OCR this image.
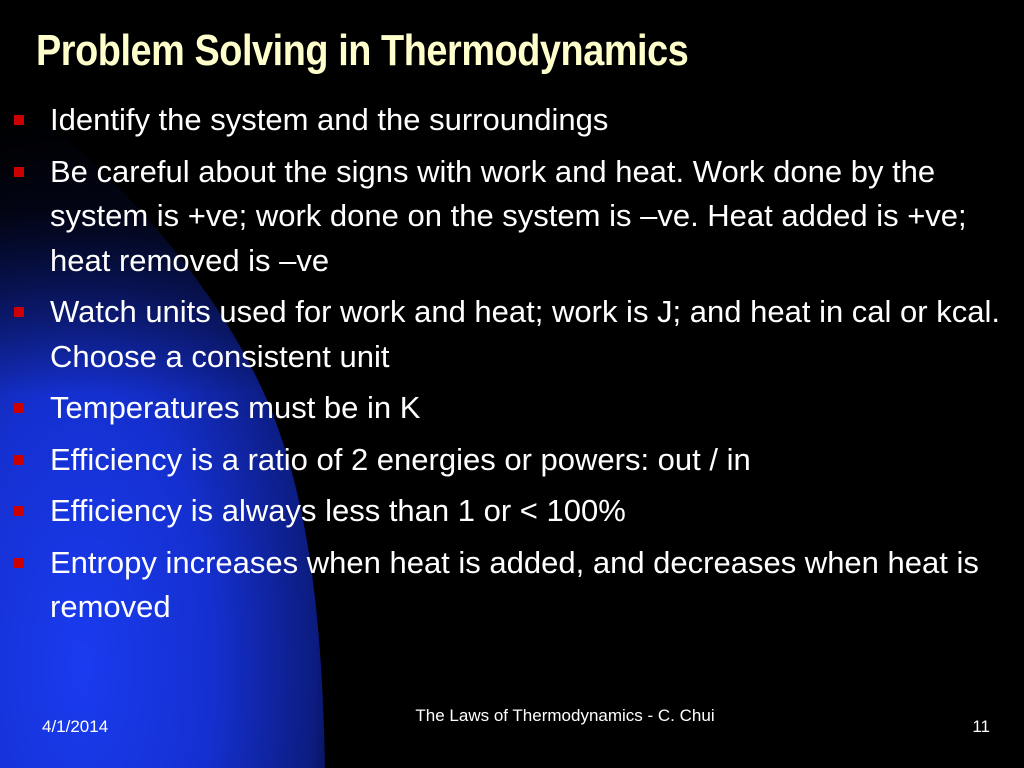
Problem Solving in Thermodynamics
Identify the system and the surroundings
Be careful about the signs with work and heat. Work done by the system is +ve; work done on the system is –ve. Heat added is +ve; heat removed is –ve
Watch units used for work and heat; work is J; and heat in cal or kcal. Choose a consistent unit
Temperatures must be in K
Efficiency is a ratio of 2 energies or powers: out / in
Efficiency is always less than 1 or < 100%
Entropy increases when heat is added, and decreases when heat is removed
4/1/2014
The Laws of Thermodynamics - C. Chui
11
